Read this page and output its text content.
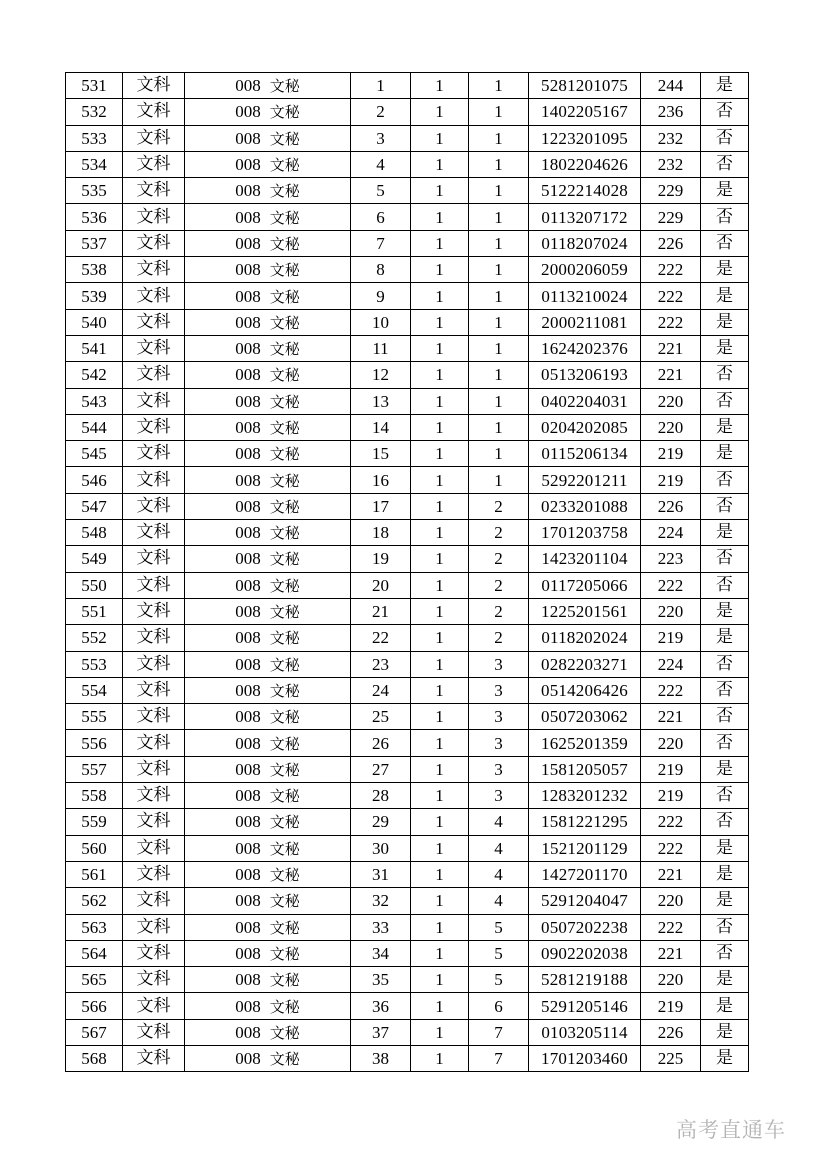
531	文科	008 文秘	1	1	1	5281201075	244	是
532	文科	008 文秘	2	1	1	1402205167	236	否
533	文科	008 文秘	3	1	1	1223201095	232	否
534	文科	008 文秘	4	1	1	1802204626	232	否
535	文科	008 文秘	5	1	1	5122214028	229	是
536	文科	008 文秘	6	1	1	0113207172	229	否
537	文科	008 文秘	7	1	1	0118207024	226	否
538	文科	008 文秘	8	1	1	2000206059	222	是
539	文科	008 文秘	9	1	1	0113210024	222	是
540	文科	008 文秘	10	1	1	2000211081	222	是
541	文科	008 文秘	11	1	1	1624202376	221	是
542	文科	008 文秘	12	1	1	0513206193	221	否
543	文科	008 文秘	13	1	1	0402204031	220	否
544	文科	008 文秘	14	1	1	0204202085	220	是
545	文科	008 文秘	15	1	1	0115206134	219	是
546	文科	008 文秘	16	1	1	5292201211	219	否
547	文科	008 文秘	17	1	2	0233201088	226	否
548	文科	008 文秘	18	1	2	1701203758	224	是
549	文科	008 文秘	19	1	2	1423201104	223	否
550	文科	008 文秘	20	1	2	0117205066	222	否
551	文科	008 文秘	21	1	2	1225201561	220	是
552	文科	008 文秘	22	1	2	0118202024	219	是
553	文科	008 文秘	23	1	3	0282203271	224	否
554	文科	008 文秘	24	1	3	0514206426	222	否
555	文科	008 文秘	25	1	3	0507203062	221	否
556	文科	008 文秘	26	1	3	1625201359	220	否
557	文科	008 文秘	27	1	3	1581205057	219	是
558	文科	008 文秘	28	1	3	1283201232	219	否
559	文科	008 文秘	29	1	4	1581221295	222	否
560	文科	008 文秘	30	1	4	1521201129	222	是
561	文科	008 文秘	31	1	4	1427201170	221	是
562	文科	008 文秘	32	1	4	5291204047	220	是
563	文科	008 文秘	33	1	5	0507202238	222	否
564	文科	008 文秘	34	1	5	0902202038	221	否
565	文科	008 文秘	35	1	5	5281219188	220	是
566	文科	008 文秘	36	1	6	5291205146	219	是
567	文科	008 文秘	37	1	7	0103205114	226	是
568	文科	008 文秘	38	1	7	1701203460	225	是
高考直通车
